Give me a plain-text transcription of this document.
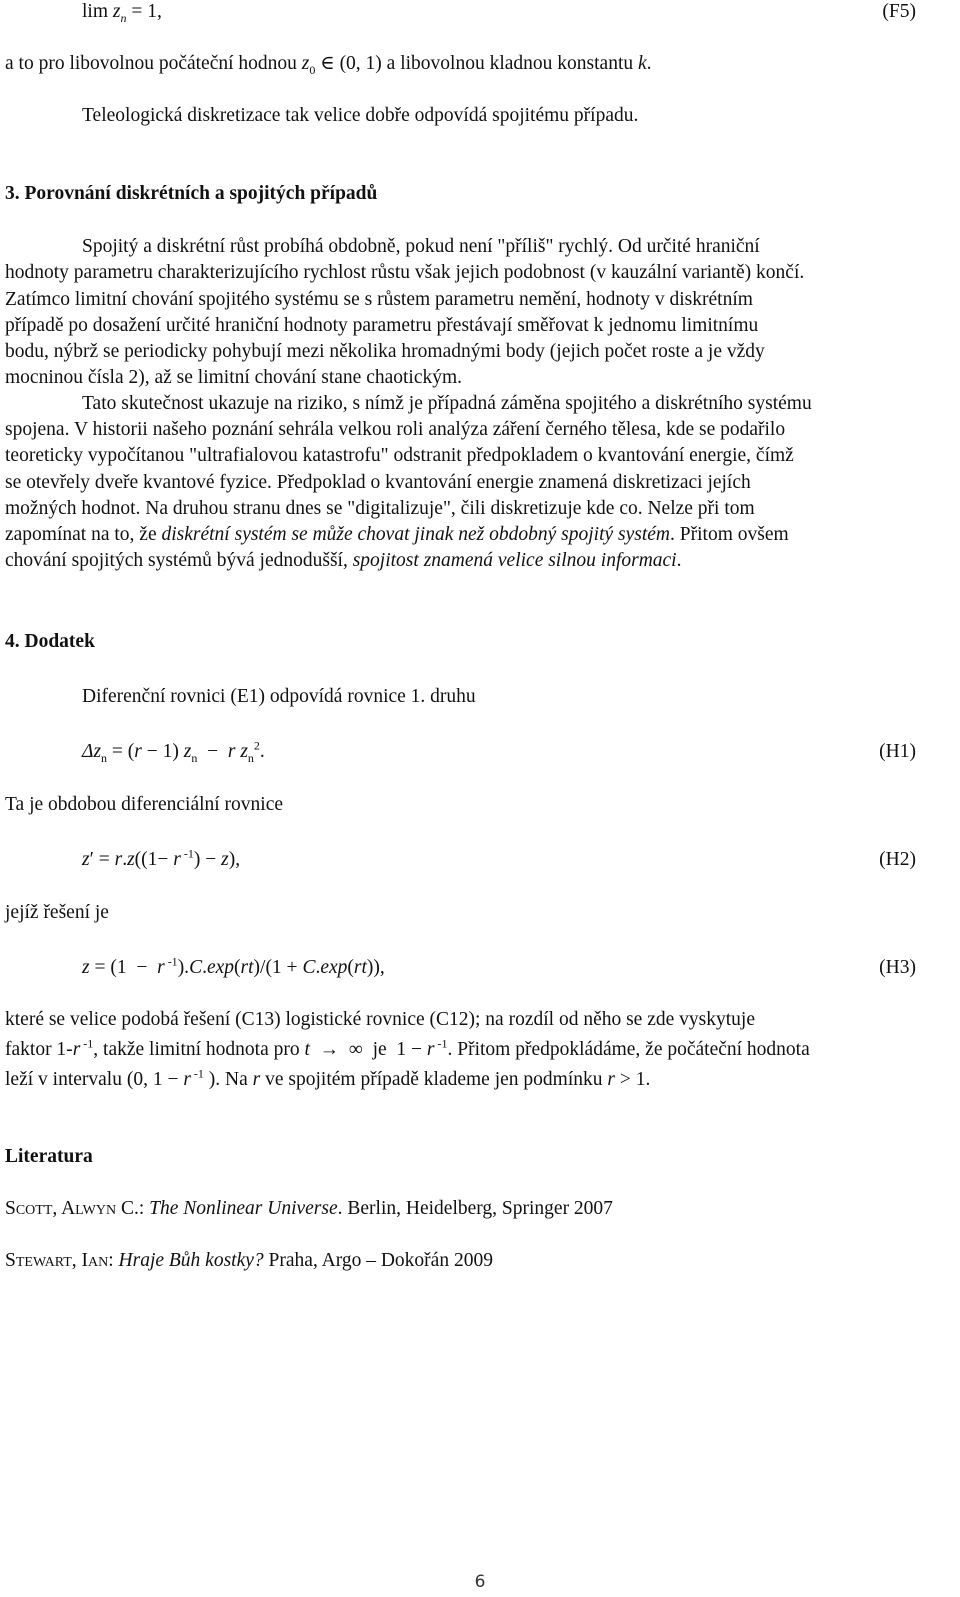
$\lim z_n = 1$,	(F5)
a to pro libovolnou počáteční hodnou $z_0$ ∈ (0, 1) a libovolnou kladnou konstantu k.
Teleologická diskretizace tak velice dobře odpovídá spojitému případu.
3. Porovnání diskrétních a spojitých případů
Spojitý a diskrétní růst probíhá obdobně, pokud není "příliš" rychlý. Od určité hraniční
hodnoty parametru charakterizujícího rychlost růstu však jejich podobnost (v kauzální variantě) končí.
Zatímco limitní chování spojitého systému se s růstem parametru nemění, hodnoty v diskrétním
případě po dosažení určité hraniční hodnoty parametru přestávají směřovat k jednomu limitnímu
bodu, nýbrž se periodicky pohybují mezi několika hromadnými body (jejich počet roste a je vždy
mocninou čísla 2), až se limitní chování stane chaotickým.
Tato skutečnost ukazuje na riziko, s nímž je případná záměna spojitého a diskrétního systému
spojena. V historii našeho poznání sehrála velkou roli analýza záření černého tělesa, kde se podařilo
teoreticky vypočítanou "ultrafialovou katastrofu" odstranit předpokladem o kvantování energie, čímž
se otevřely dveře kvantové fyzice. Předpoklad o kvantování energie znamená diskretizaci jejích
možných hodnot. Na druhou stranu dnes se "digitalizuje", čili diskretizuje kde co. Nelze při tom
zapomínat na to, že diskrétní systém se může chovat jinak než obdobný spojitý systém. Přitom ovšem
chování spojitých systémů bývá jednodušší, spojitost znamená velice silnou informaci.
4. Dodatek
Diferenční rovnici (E1) odpovídá rovnice 1. druhu
$\Delta z_n = (r - 1) z_n - r$ $z_n^2$.	(H1)
Ta je obdobou diferenciální rovnice
z′ = r.z((1− r $^{-1}$) − z),	(H2)
jejíž řešení je
z = (1  −  r $^{-1}$).C.exp(rt)/(1 + C.exp(rt)),	(H3)
které se velice podobá řešení (C13) logistické rovnice (C12); na rozdíl od něho se zde vyskytuje
faktor 1-r $^{-1}$, takže limitní hodnota pro t  →  ∞  je  1 − r $^{-1}$. Přitom předpokládáme, že počáteční hodnota
leží v intervalu (0, 1 − r $^{-1}$ ). Na r ve spojitém případě klademe jen podmínku r > 1.
Literatura
Scott, Alwyn C.: The Nonlinear Universe. Berlin, Heidelberg, Springer 2007
Stewart, Ian: Hraje Bůh kostky? Praha, Argo – Dokořán 2009
6
